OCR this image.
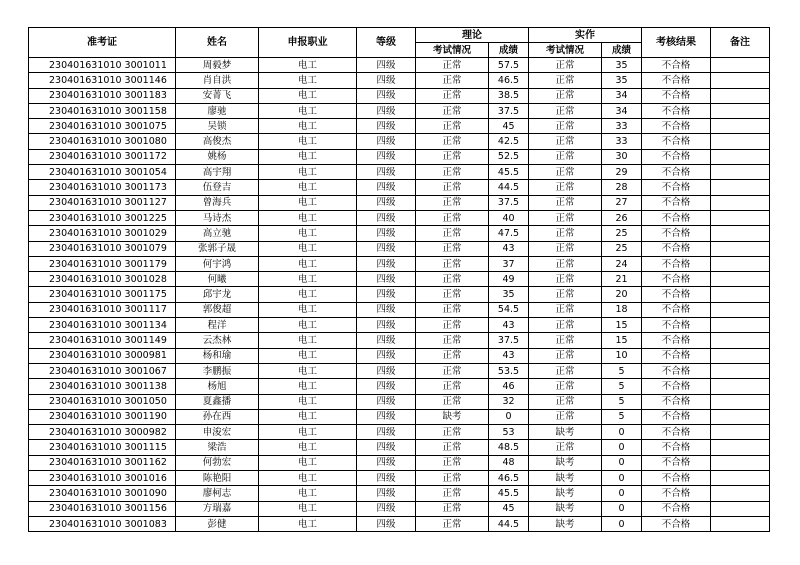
准考证	姓名	申报职业	等级	理论		实作		考核结果	备注
				考试情况	成绩	考试情况	成绩		
230401631010 3001011	周毅梦	电工	四级	正常	57.5	正常	35	不合格	
230401631010 3001146	肖自洪	电工	四级	正常	46.5	正常	35	不合格	
230401631010 3001183	安菁飞	电工	四级	正常	38.5	正常	34	不合格	
230401631010 3001158	廖驰	电工	四级	正常	37.5	正常	34	不合格	
230401631010 3001075	吴锁	电工	四级	正常	45	正常	33	不合格	
230401631010 3001080	高俊杰	电工	四级	正常	42.5	正常	33	不合格	
230401631010 3001172	姚杨	电工	四级	正常	52.5	正常	30	不合格	
230401631010 3001054	高宇翔	电工	四级	正常	45.5	正常	29	不合格	
230401631010 3001173	伍登吉	电工	四级	正常	44.5	正常	28	不合格	
230401631010 3001127	曾海兵	电工	四级	正常	37.5	正常	27	不合格	
230401631010 3001225	马诗杰	电工	四级	正常	40	正常	26	不合格	
230401631010 3001029	高立驰	电工	四级	正常	47.5	正常	25	不合格	
230401631010 3001079	张郭子晟	电工	四级	正常	43	正常	25	不合格	
230401631010 3001179	何宇鸿	电工	四级	正常	37	正常	24	不合格	
230401631010 3001028	何曦	电工	四级	正常	49	正常	21	不合格	
230401631010 3001175	邱宇龙	电工	四级	正常	35	正常	20	不合格	
230401631010 3001117	郭俊超	电工	四级	正常	54.5	正常	18	不合格	
230401631010 3001134	程洋	电工	四级	正常	43	正常	15	不合格	
230401631010 3001149	云杰林	电工	四级	正常	37.5	正常	15	不合格	
230401631010 3000981	杨和瑜	电工	四级	正常	43	正常	10	不合格	
230401631010 3001067	李鹏振	电工	四级	正常	53.5	正常	5	不合格	
230401631010 3001138	杨旭	电工	四级	正常	46	正常	5	不合格	
230401631010 3001050	夏鑫播	电工	四级	正常	32	正常	5	不合格	
230401631010 3001190	孙在西	电工	四级	缺考	0	正常	5	不合格	
230401631010 3000982	申浚宏	电工	四级	正常	53	缺考	0	不合格	
230401631010 3001115	梁浩	电工	四级	正常	48.5	正常	0	不合格	
230401631010 3001162	何勃宏	电工	四级	正常	48	缺考	0	不合格	
230401631010 3001016	陈艳阳	电工	四级	正常	46.5	缺考	0	不合格	
230401631010 3001090	廖柯志	电工	四级	正常	45.5	缺考	0	不合格	
230401631010 3001156	方瑞嘉	电工	四级	正常	45	缺考	0	不合格	
230401631010 3001083	彭健	电工	四级	正常	44.5	缺考	0	不合格	
